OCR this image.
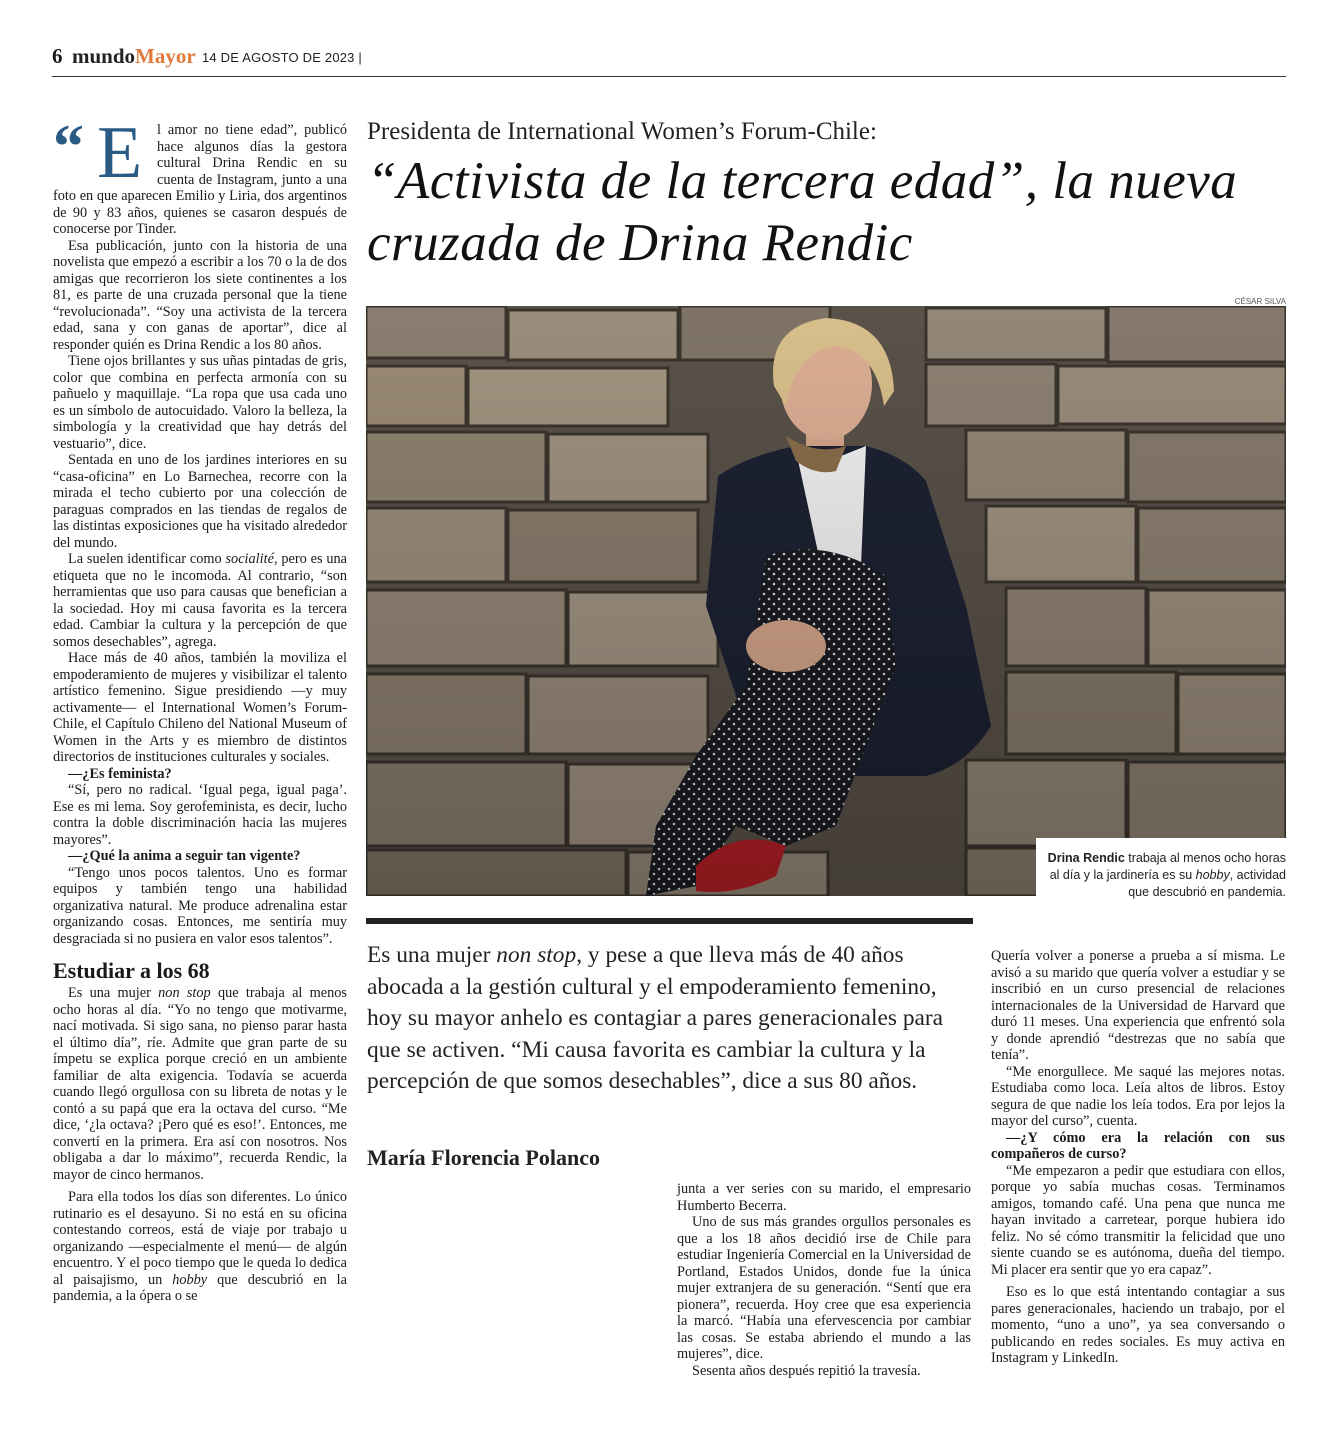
6 mundo Mayor 14 DE AGOSTO DE 2023 |

“ E l amor no tiene edad”, publicó hace algunos días la gestora cultural Drina Rendic en su cuenta de Instagram, junto a una foto en que aparecen Emilio y Liria, dos argentinos de 90 y 83 años, quienes se casaron después de conocerse por Tinder.

Esa publicación, junto con la historia de una novelista que empezó a escribir a los 70 o la de dos amigas que recorrieron los siete continentes a los 81, es parte de una cruzada personal que la tiene “revolucionada”. “Soy una activista de la tercera edad, sana y con ganas de aportar”, dice al responder quién es Drina Rendic a los 80 años.

Tiene ojos brillantes y sus uñas pintadas de gris, color que combina en perfecta armonía con su pañuelo y maquillaje. “La ropa que usa cada uno es un símbolo de autocuidado. Valoro la belleza, la simbología y la creatividad que hay detrás del vestuario”, dice.

Sentada en uno de los jardines interiores en su “casa-oficina” en Lo Barnechea, recorre con la mirada el techo cubierto por una colección de paraguas comprados en las tiendas de regalos de las distintas exposiciones que ha visitado alrededor del mundo.

La suelen identificar como socialité, pero es una etiqueta que no le incomoda. Al contrario, “son herramientas que uso para causas que benefician a la sociedad. Hoy mi causa favorita es la tercera edad. Cambiar la cultura y la percepción de que somos desechables”, agrega.

Hace más de 40 años, también la moviliza el empoderamiento de mujeres y visibilizar el talento artístico femenino. Sigue presidiendo —y muy activamente— el International Women’s Forum-Chile, el Capítulo Chileno del National Museum of Women in the Arts y es miembro de distintos directorios de instituciones culturales y sociales.

—¿Es feminista?

“Sí, pero no radical. ‘Igual pega, igual paga’. Ese es mi lema. Soy gerofeminista, es decir, lucho contra la doble discriminación hacia las mujeres mayores”.

—¿Qué la anima a seguir tan vigente?

“Tengo unos pocos talentos. Uno es formar equipos y también tengo una habilidad organizativa natural. Me produce adrenalina estar organizando cosas. Entonces, me sentiría muy desgraciada si no pusiera en valor esos talentos”.

Estudiar a los 68

Es una mujer non stop que trabaja al menos ocho horas al día. “Yo no tengo que motivarme, nací motivada. Si sigo sana, no pienso parar hasta el último día”, ríe. Admite que gran parte de su ímpetu se explica porque creció en un ambiente familiar de alta exigencia. Todavía se acuerda cuando llegó orgullosa con su libreta de notas y le contó a su papá que era la octava del curso. “Me dice, ‘¿la octava? ¡Pero qué es eso!’. Entonces, me convertí en la primera. Era así con nosotros. Nos obligaba a dar lo máximo”, recuerda Rendic, la mayor de cinco hermanos.

Para ella todos los días son diferentes. Lo único rutinario es el desayuno. Si no está en su oficina contestando correos, está de viaje por trabajo u organizando —especialmente el menú— de algún encuentro. Y el poco tiempo que le queda lo dedica al paisajismo, un hobby que descubrió en la pandemia, a la ópera o se

Presidenta de International Women’s Forum-Chile:
“Activista de la tercera edad”, la nueva cruzada de Drina Rendic
CÉSAR SILVA
Drina Rendic trabaja al menos ocho horas al día y la jardinería es su hobby, actividad que descubrió en pandemia.
Es una mujer non stop, y pese a que lleva más de 40 años abocada a la gestión cultural y el empoderamiento femenino, hoy su mayor anhelo es contagiar a pares generacionales para que se activen. “Mi causa favorita es cambiar la cultura y la percepción de que somos desechables”, dice a sus 80 años.
María Florencia Polanco

junta a ver series con su marido, el empresario Humberto Becerra.

Uno de sus más grandes orgullos personales es que a los 18 años decidió irse de Chile para estudiar Ingeniería Comercial en la Universidad de Portland, Estados Unidos, donde fue la única mujer extranjera de su generación. “Sentí que era pionera”, recuerda. Hoy cree que esa experiencia la marcó. “Había una efervescencia por cambiar las cosas. Se estaba abriendo el mundo a las mujeres”, dice.

Sesenta años después repitió la travesía.

Quería volver a ponerse a prueba a sí misma. Le avisó a su marido que quería volver a estudiar y se inscribió en un curso presencial de relaciones internacionales de la Universidad de Harvard que duró 11 meses. Una experiencia que enfrentó sola y donde aprendió “destrezas que no sabía que tenía”.

“Me enorgullece. Me saqué las mejores notas. Estudiaba como loca. Leía altos de libros. Estoy segura de que nadie los leía todos. Era por lejos la mayor del curso”, cuenta.

—¿Y cómo era la relación con sus compañeros de curso?

“Me empezaron a pedir que estudiara con ellos, porque yo sabía muchas cosas. Terminamos amigos, tomando café. Una pena que nunca me hayan invitado a carretear, porque hubiera ido feliz. No sé cómo transmitir la felicidad que uno siente cuando se es autónoma, dueña del tiempo. Mi placer era sentir que yo era capaz”.

Eso es lo que está intentando contagiar a sus pares generacionales, haciendo un trabajo, por el momento, “uno a uno”, ya sea conversando o publicando en redes sociales. Es muy activa en Instagram y LinkedIn.
